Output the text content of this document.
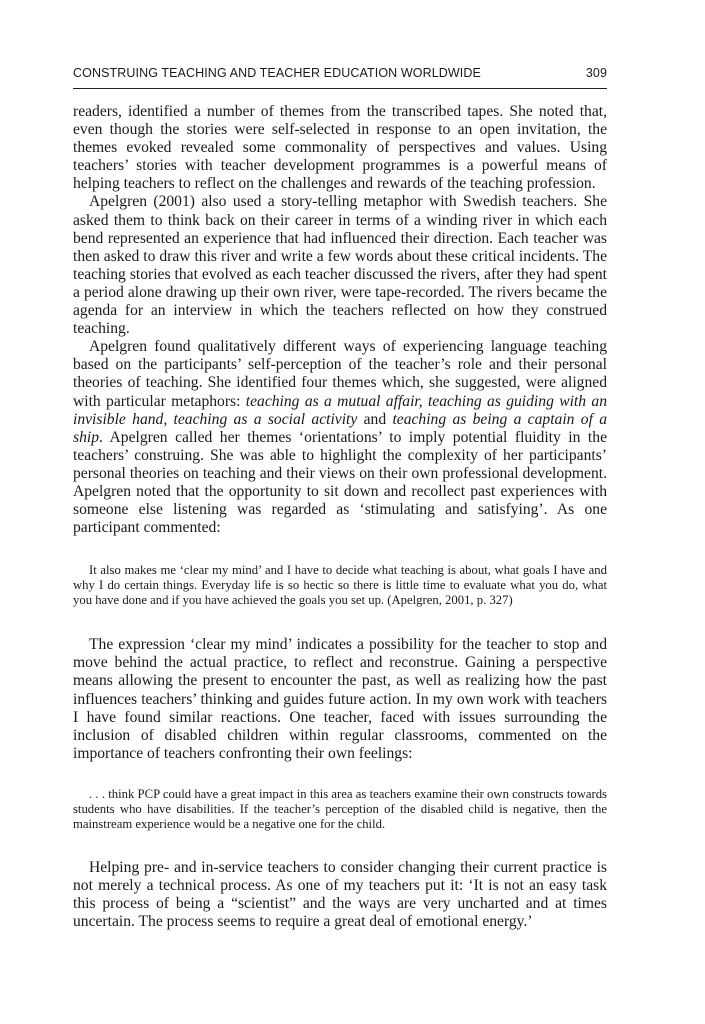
CONSTRUING TEACHING AND TEACHER EDUCATION WORLDWIDE	309

readers, identified a number of themes from the transcribed tapes. She noted that, even though the stories were self-selected in response to an open invitation, the themes evoked revealed some commonality of perspectives and values. Using teachers’ stories with teacher development programmes is a powerful means of helping teachers to reflect on the challenges and rewards of the teaching profession.

Apelgren (2001) also used a story-telling metaphor with Swedish teachers. She asked them to think back on their career in terms of a winding river in which each bend represented an experience that had influenced their direction. Each teacher was then asked to draw this river and write a few words about these critical incidents. The teaching stories that evolved as each teacher discussed the rivers, after they had spent a period alone drawing up their own river, were tape-recorded. The rivers became the agenda for an interview in which the teachers reflected on how they construed teaching.

Apelgren found qualitatively different ways of experiencing language teaching based on the participants’ self-perception of the teacher’s role and their personal theories of teaching. She identified four themes which, she suggested, were aligned with particular metaphors: teaching as a mutual affair, teaching as guiding with an invisible hand, teaching as a social activity and teaching as being a captain of a ship. Apelgren called her themes ‘orientations’ to imply potential fluidity in the teachers’ construing. She was able to highlight the complexity of her participants’ personal theories on teaching and their views on their own professional development. Apelgren noted that the opportunity to sit down and recollect past experiences with someone else listening was regarded as ‘stimulating and satisfying’. As one participant commented:

It also makes me ‘clear my mind’ and I have to decide what teaching is about, what goals I have and why I do certain things. Everyday life is so hectic so there is little time to evaluate what you do, what you have done and if you have achieved the goals you set up. (Apelgren, 2001, p. 327)

The expression ‘clear my mind’ indicates a possibility for the teacher to stop and move behind the actual practice, to reflect and reconstrue. Gaining a perspective means allowing the present to encounter the past, as well as realizing how the past influences teachers’ thinking and guides future action. In my own work with teachers I have found similar reactions. One teacher, faced with issues surrounding the inclusion of disabled children within regular classrooms, commented on the importance of teachers confronting their own feelings:

. . . think PCP could have a great impact in this area as teachers examine their own constructs towards students who have disabilities. If the teacher’s perception of the disabled child is negative, then the mainstream experience would be a negative one for the child.

Helping pre- and in-service teachers to consider changing their current practice is not merely a technical process. As one of my teachers put it: ‘It is not an easy task this process of being a “scientist” and the ways are very uncharted and at times uncertain. The process seems to require a great deal of emotional energy.’
